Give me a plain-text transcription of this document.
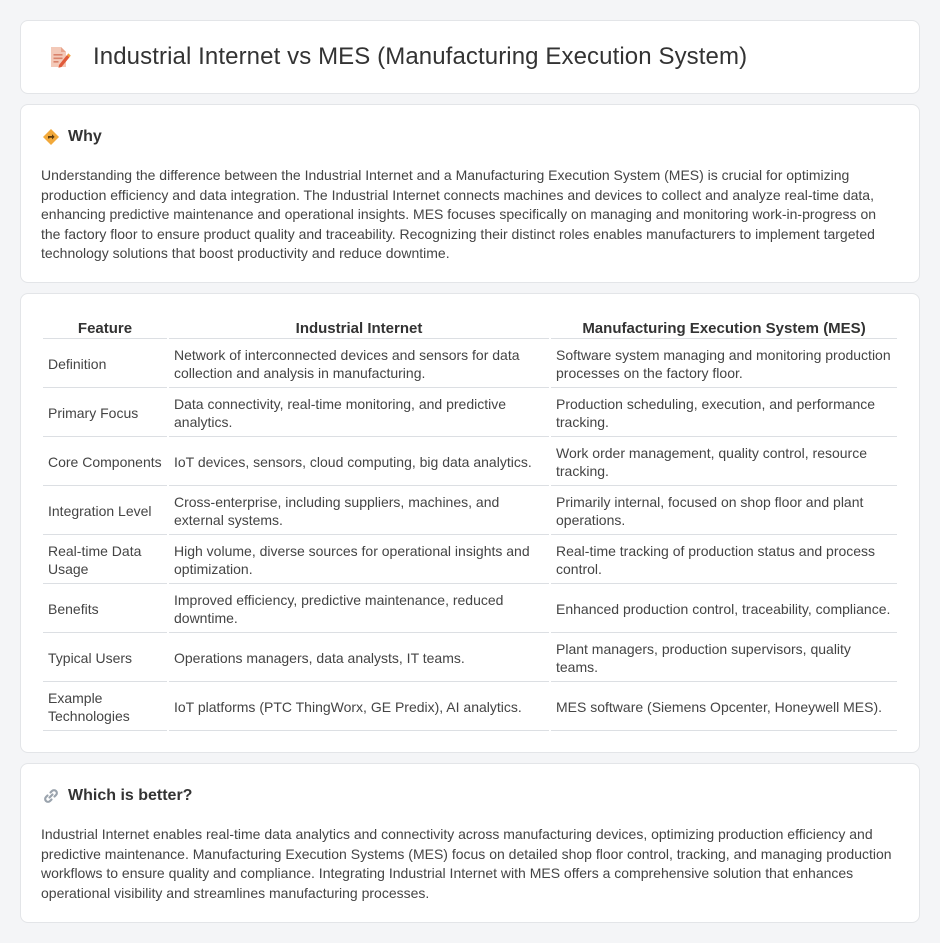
Industrial Internet vs MES (Manufacturing Execution System)
Why

Understanding the difference between the Industrial Internet and a Manufacturing Execution System (MES) is crucial for optimizing production efficiency and data integration. The Industrial Internet connects machines and devices to collect and analyze real-time data, enhancing predictive maintenance and operational insights. MES focuses specifically on managing and monitoring work-in-progress on the factory floor to ensure product quality and traceability. Recognizing their distinct roles enables manufacturers to implement targeted technology solutions that boost productivity and reduce downtime.

Feature	Industrial Internet	Manufacturing Execution System (MES)
Definition	Network of interconnected devices and sensors for data collection and analysis in manufacturing.	Software system managing and monitoring production processes on the factory floor.
Primary Focus	Data connectivity, real-time monitoring, and predictive analytics.	Production scheduling, execution, and performance tracking.
Core Components	IoT devices, sensors, cloud computing, big data analytics.	Work order management, quality control, resource tracking.
Integration Level	Cross-enterprise, including suppliers, machines, and external systems.	Primarily internal, focused on shop floor and plant operations.
Real-time Data Usage	High volume, diverse sources for operational insights and optimization.	Real-time tracking of production status and process control.
Benefits	Improved efficiency, predictive maintenance, reduced downtime.	Enhanced production control, traceability, compliance.
Typical Users	Operations managers, data analysts, IT teams.	Plant managers, production supervisors, quality teams.
Example Technologies	IoT platforms (PTC ThingWorx, GE Predix), AI analytics.	MES software (Siemens Opcenter, Honeywell MES).
Which is better?

Industrial Internet enables real-time data analytics and connectivity across manufacturing devices, optimizing production efficiency and predictive maintenance. Manufacturing Execution Systems (MES) focus on detailed shop floor control, tracking, and managing production workflows to ensure quality and compliance. Integrating Industrial Internet with MES offers a comprehensive solution that enhances operational visibility and streamlines manufacturing processes.
